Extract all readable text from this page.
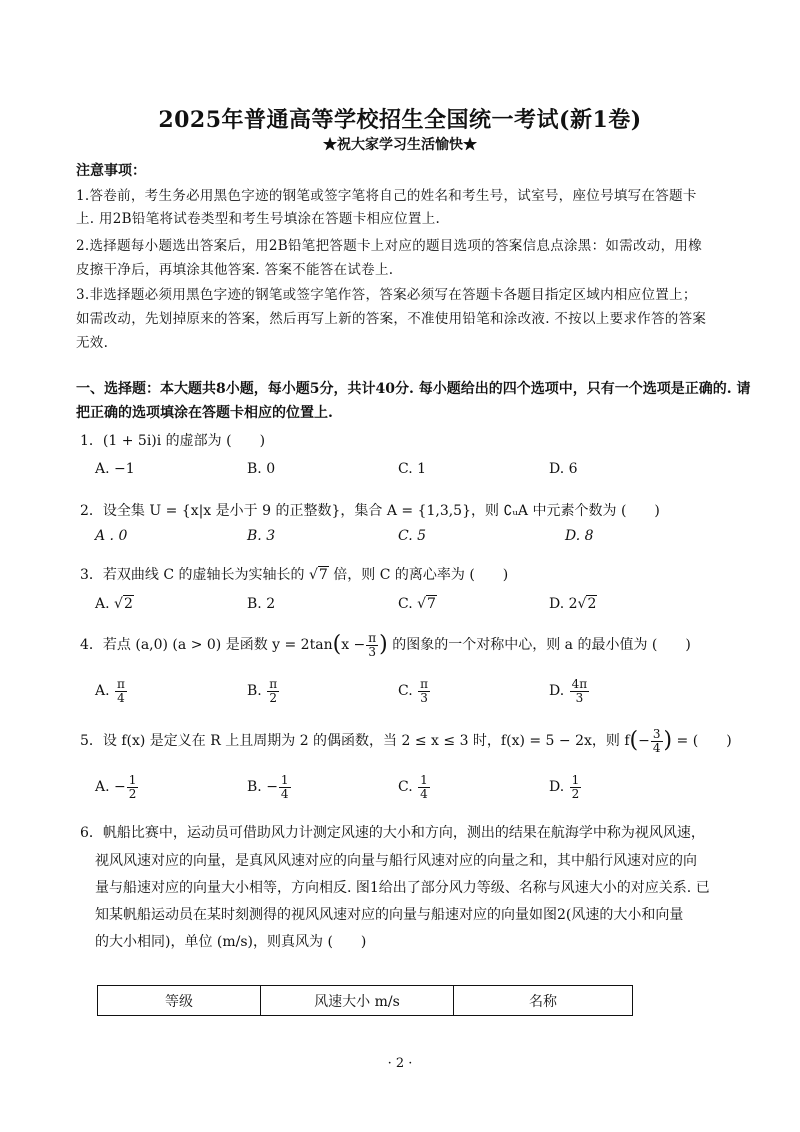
2025年普通高等学校招生全国统一考试(新1卷)
★祝大家学习生活愉快★
注意事项：
1.答卷前，考生务必用黑色字迹的钢笔或签字笔将自己的姓名和考生号，试室号，座位号填写在答题卡
上. 用2B铅笔将试卷类型和考生号填涂在答题卡相应位置上.
2.选择题每小题选出答案后，用2B铅笔把答题卡上对应的题目选项的答案信息点涂黑：如需改动，用橡
皮擦干净后，再填涂其他答案. 答案不能答在试卷上.
3.非选择题必须用黑色字迹的钢笔或签字笔作答，答案必须写在答题卡各题目指定区域内相应位置上；
如需改动，先划掉原来的答案，然后再写上新的答案，不准使用铅笔和涂改液. 不按以上要求作答的答案
无效.
一、选择题：本大题共8小题，每小题5分，共计40分. 每小题给出的四个选项中，只有一个选项是正确的. 请
把正确的选项填涂在答题卡相应的位置上.
1．(1 + 5i)i 的虚部为 (　　)
A. −1	B. 0	C. 1	D. 6
2．设全集 U = {x|x 是小于 9 的正整数}，集合 A = {1,3,5}，则 ∁ᵤA 中元素个数为 (　　)
A . 0	B. 3	C. 5	D. 8
3．若双曲线 C 的虚轴长为实轴长的 √7 倍，则 C 的离心率为 (　　)
A. √2	B. 2	C. √7	D. 2√2
4．若点 (a,0) (a > 0) 是函数 $y = 2\tan(x - \frac{\pi}{3}$ ) 的图象的一个对称中心，则 a 的最小值为 (　　)
A. $\frac{\pi}{4}$	B. $\frac{\pi}{2}$	C. $\frac{\pi}{3}$	D. $\frac{4\pi}{3}$
5．设 f(x) 是定义在 R 上且周期为 2 的偶函数，当 2 ≤ x ≤ 3 时，f(x) = 5 − 2x，则 $f(- \frac{3}{4}$ ) = (　　)
A. − $\frac{1}{2}$	B. − $\frac{1}{4}$	C. $\frac{1}{4}$	D. $\frac{1}{2}$
6．帆船比赛中，运动员可借助风力计测定风速的大小和方向，测出的结果在航海学中称为视风风速，
视风风速对应的向量，是真风风速对应的向量与船行风速对应的向量之和，其中船行风速对应的向
量与船速对应的向量大小相等，方向相反. 图1给出了部分风力等级、名称与风速大小的对应关系. 已
知某帆船运动员在某时刻测得的视风风速对应的向量与船速对应的向量如图2(风速的大小和向量
的大小相同)，单位 (m/s)，则真风为 (　　)
等级	风速大小 m/s	名称
· 2 ·
